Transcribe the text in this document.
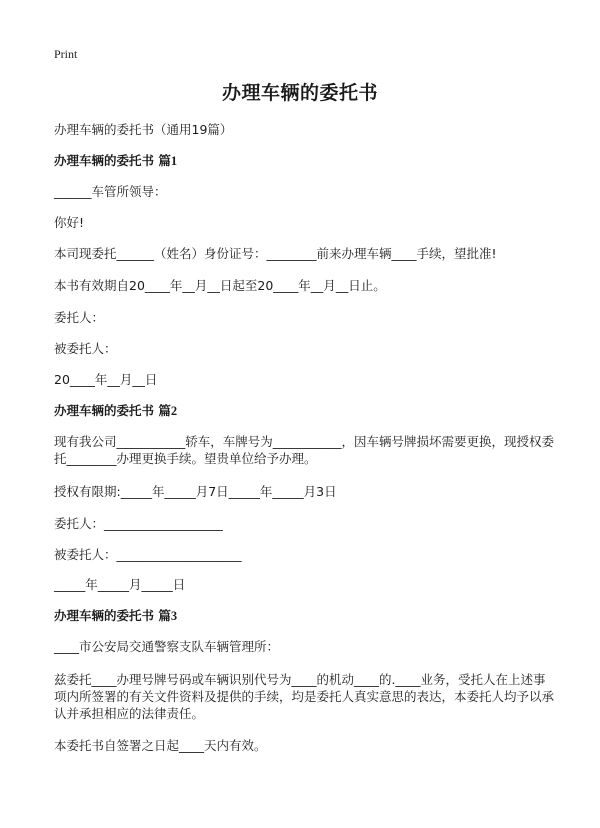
Print
办理车辆的委托书
办理车辆的委托书（通用19篇）
办理车辆的委托书 篇1
______车管所领导：
你好!
本司现委托______（姓名）身份证号：________前来办理车辆____手续，望批准!
本书有效期自20____年__月__日起至20____年__月__日止。
委托人：
被委托人：
20____年__月__日
办理车辆的委托书 篇2
现有我公司___________轿车，车牌号为___________，因车辆号牌损坏需要更换，现授权委托________办理更换手续。望贵单位给予办理。
授权有限期:_____年_____月7日_____年_____月3日
委托人：___________________
被委托人：____________________
_____年_____月_____日
办理车辆的委托书 篇3
____市公安局交通警察支队车辆管理所：
兹委托____办理号牌号码或车辆识别代号为____的机动____的.____业务，受托人在上述事项内所签署的有关文件资料及提供的手续，均是委托人真实意思的表达，本委托人均予以承认并承担相应的法律责任。
本委托书自签署之日起____天内有效。
